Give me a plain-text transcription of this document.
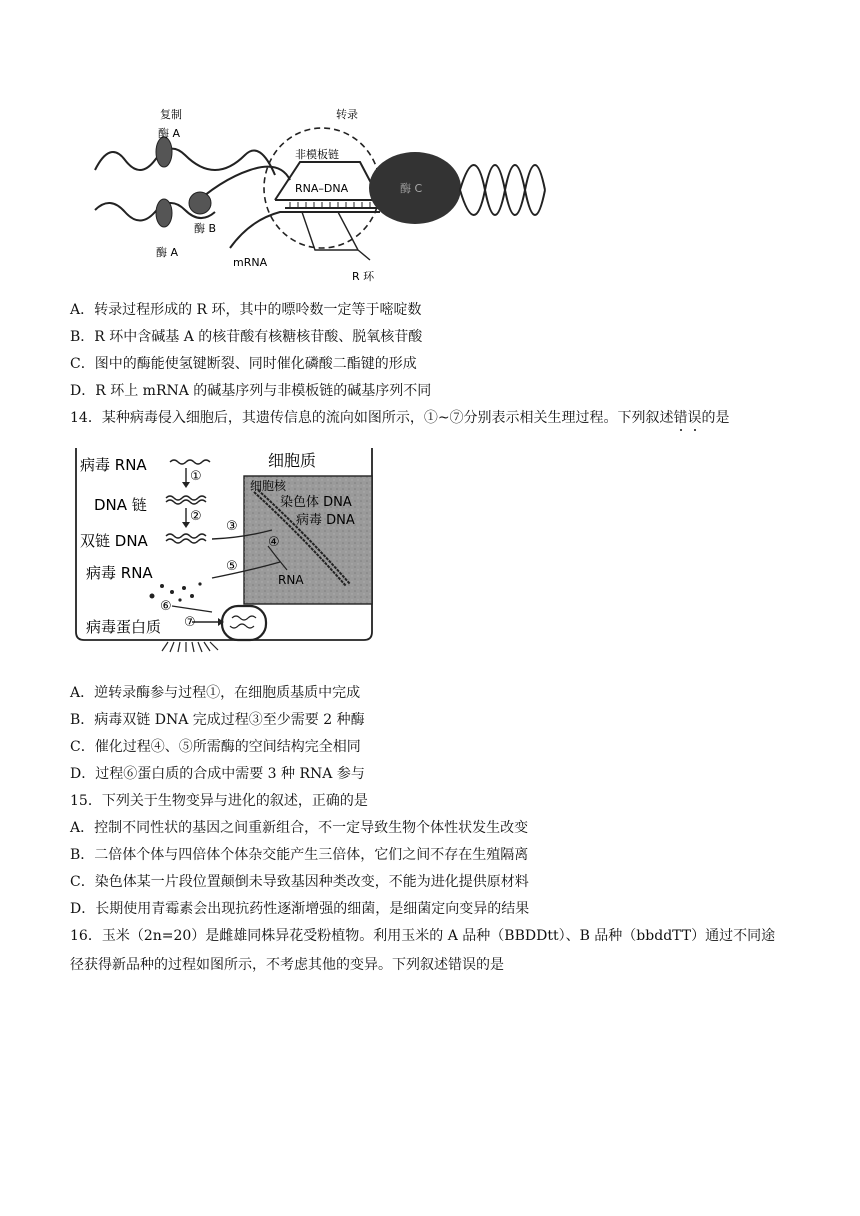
复制
酶 A
酶 A
酶 B
转录
非模板链
RNA–DNA	酶 C
mRNA
R 环
A．转录过程形成的 R 环，其中的嘌呤数一定等于嘧啶数
B．R 环中含碱基 A 的核苷酸有核糖核苷酸、脱氧核苷酸
C．图中的酶能使氢键断裂、同时催化磷酸二酯键的形成
D．R 环上 mRNA 的碱基序列与非模板链的碱基序列不同
14．某种病毒侵入细胞后，其遗传信息的流向如图所示，①~⑦分别表示相关生理过程。下列叙述错误的是
病毒 RNA
DNA 链
双链 DNA
病毒 RNA
病毒蛋白质
①
②
③
④
⑤
⑥
⑦
细胞质
细胞核
染色体 DNA
病毒 DNA
RNA
A．逆转录酶参与过程①，在细胞质基质中完成
B．病毒双链 DNA 完成过程③至少需要 2 种酶
C．催化过程④、⑤所需酶的空间结构完全相同
D．过程⑥蛋白质的合成中需要 3 种 RNA 参与
15．下列关于生物变异与进化的叙述，正确的是
A．控制不同性状的基因之间重新组合，不一定导致生物个体性状发生改变
B．二倍体个体与四倍体个体杂交能产生三倍体，它们之间不存在生殖隔离
C．染色体某一片段位置颠倒未导致基因种类改变，不能为进化提供原材料
D．长期使用青霉素会出现抗药性逐渐增强的细菌，是细菌定向变异的结果
16．玉米（2n=20）是雌雄同株异花受粉植物。利用玉米的 A 品种（BBDDtt）、B 品种（bbddTT）通过不同途
径获得新品种的过程如图所示，不考虑其他的变异。下列叙述错误的是
